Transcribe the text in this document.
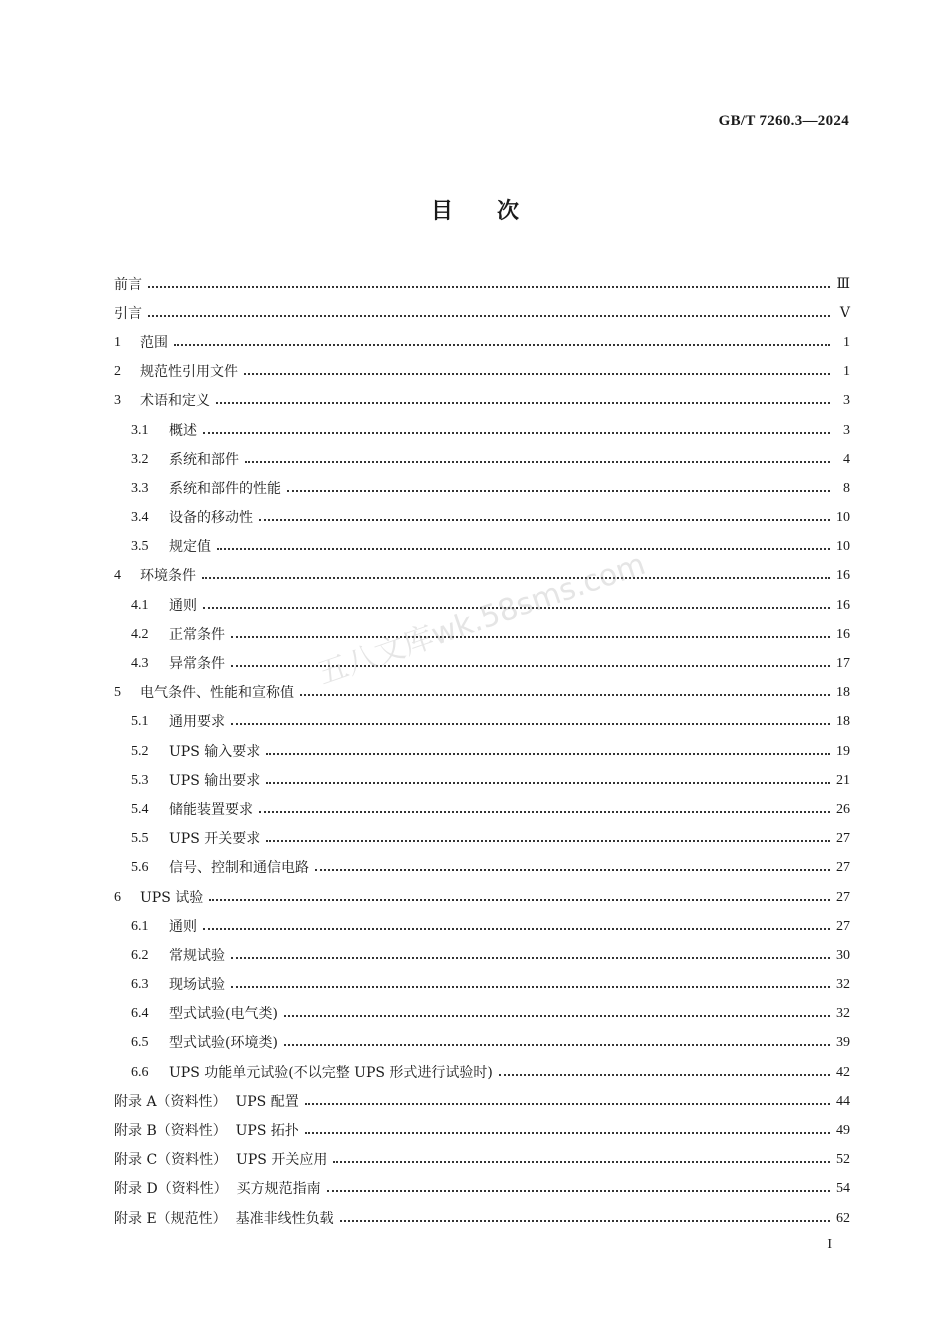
GB/T 7260.3—2024
目次
前言	Ⅲ
引言	Ⅴ
1	范围	1
2	规范性引用文件	1
3	术语和定义	3
3.1	概述	3
3.2	系统和部件	4
3.3	系统和部件的性能	8
3.4	设备的移动性	10
3.5	规定值	10
4	环境条件	16
4.1	通则	16
4.2	正常条件	16
4.3	异常条件	17
5	电气条件、性能和宣称值	18
5.1	通用要求	18
5.2	UPS 输入要求	19
5.3	UPS 输出要求	21
5.4	储能装置要求	26
5.5	UPS 开关要求	27
5.6	信号、控制和通信电路	27
6	UPS 试验	27
6.1	通则	27
6.2	常规试验	30
6.3	现场试验	32
6.4	型式试验(电气类)	32
6.5	型式试验(环境类)	39
6.6	UPS 功能单元试验(不以完整 UPS 形式进行试验时)	42
附录 A（资料性）  UPS 配置	44
附录 B（资料性）  UPS 拓扑	49
附录 C（资料性）  UPS 开关应用	52
附录 D（资料性）  买方规范指南	54
附录 E（规范性）  基准非线性负载	62
五八文库wk.58sms.com
I
